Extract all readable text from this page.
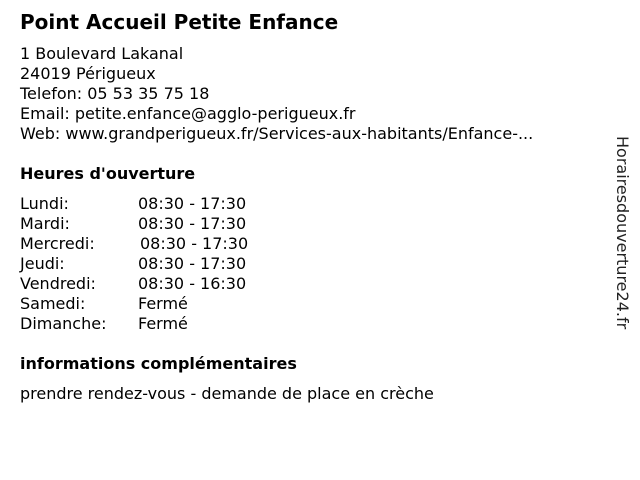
Point Accueil Petite Enfance
1 Boulevard Lakanal
24019 Périgueux
Telefon: 05 53 35 75 18
Email: petite.enfance@agglo-perigueux.fr
Web: www.grandperigueux.fr/Services-aux-habitants/Enfance-...
Heures d'ouverture
Lundi:	08:30 - 17:30
Mardi:	08:30 - 17:30
Mercredi:	08:30 - 17:30
Jeudi:	08:30 - 17:30
Vendredi:	08:30 - 16:30
Samedi:	Fermé
Dimanche: Fermé
informations complémentaires
prendre rendez-vous - demande de place en crèche
Horairesdouverture24.fr
